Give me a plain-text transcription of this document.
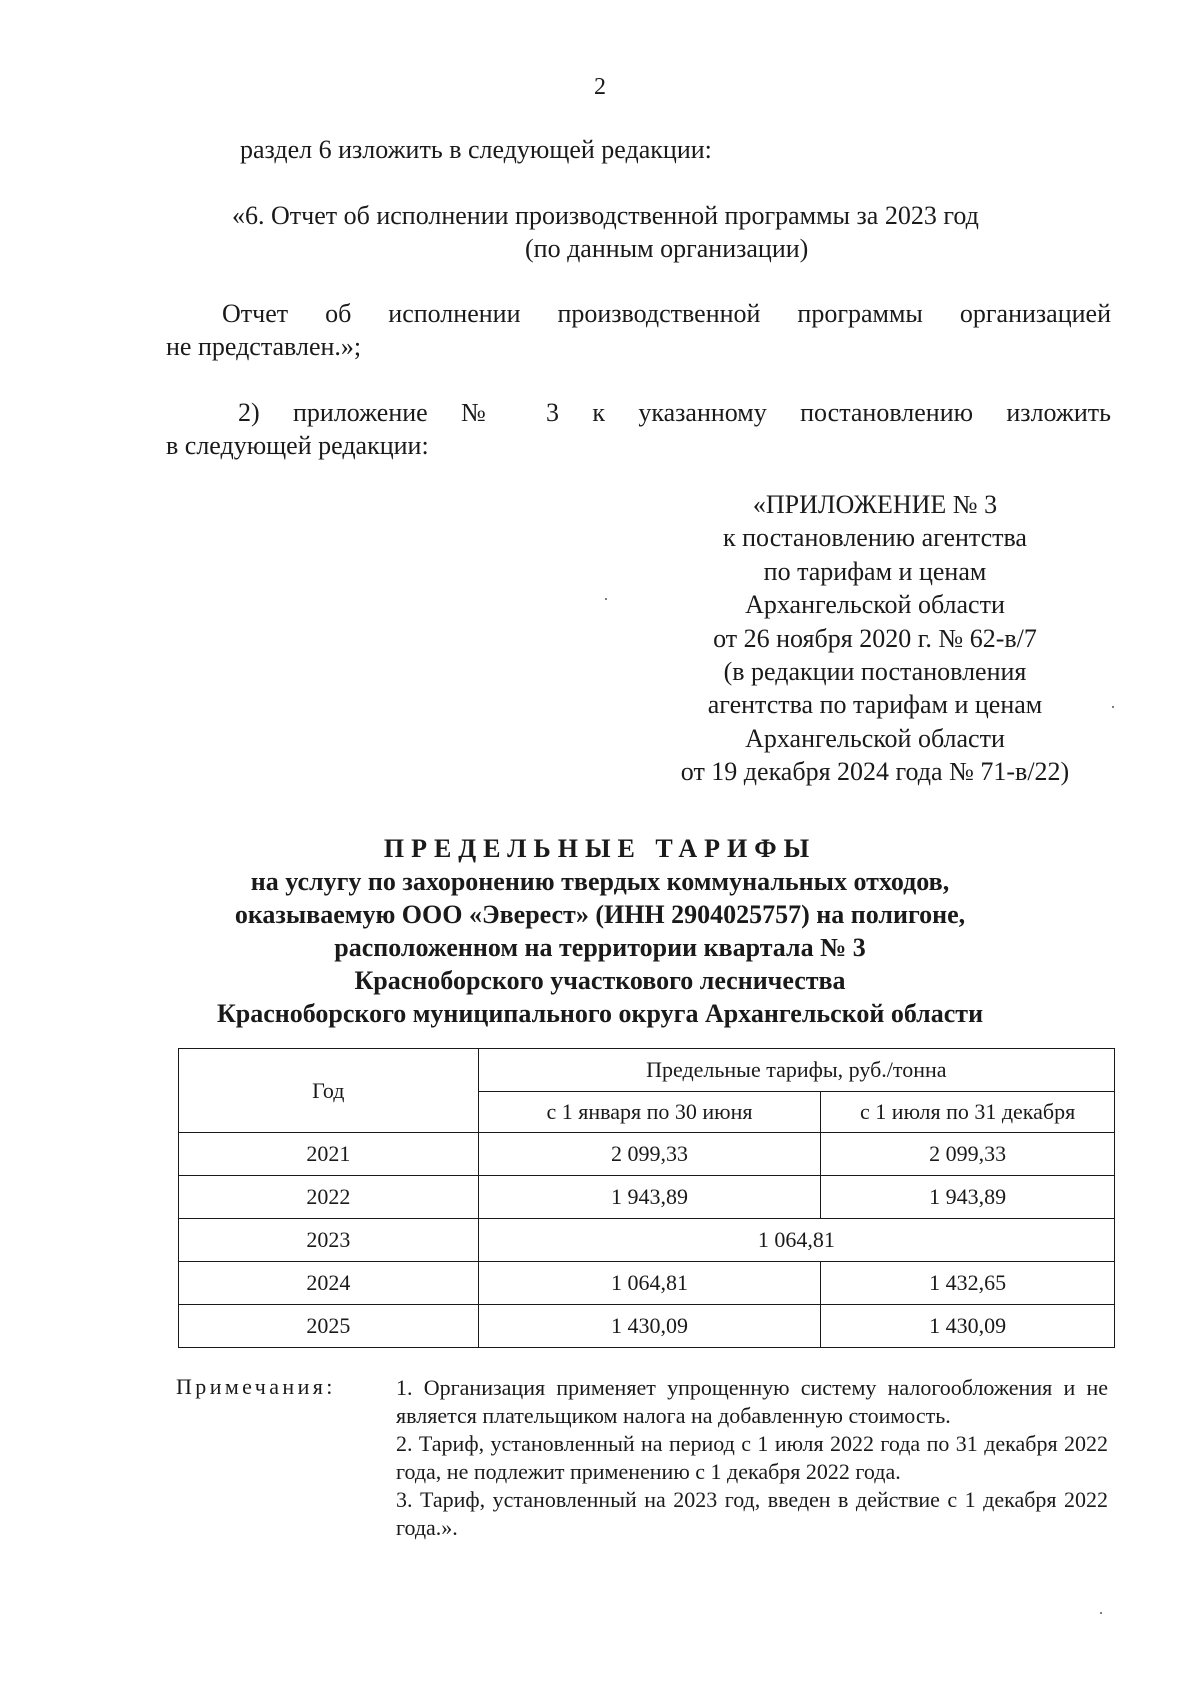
2
раздел 6 изложить в следующей редакции:
«6. Отчет об исполнении производственной программы за 2023 год
(по данным организации)
Отчет об исполнении производственной программы организацией
не представлен.»;
2) приложение № 3 к указанному постановлению изложить
в следующей редакции:
«ПРИЛОЖЕНИЕ № 3
к постановлению агентства
по тарифам и ценам
Архангельской области
от 26 ноября 2020 г. № 62-в/7
(в редакции постановления
агентства по тарифам и ценам
Архангельской области
от 19 декабря 2024 года № 71-в/22)
ПРЕДЕЛЬНЫЕ ТАРИФЫ
на услугу по захоронению твердых коммунальных отходов,
оказываемую ООО «Эверест» (ИНН 2904025757) на полигоне,
расположенном на территории квартала № 3
Красноборского участкового лесничества
Красноборского муниципального округа Архангельской области
Год	Предельные тарифы, руб./тонна	
	с 1 января по 30 июня	с 1 июля по 31 декабря
2021	2 099,33	2 099,33
2022	1 943,89	1 943,89
2023	1 064,81	
2024	1 064,81	1 432,65
2025	1 430,09	1 430,09
Примечания:	1. Организация применяет упрощенную систему налогообложения и не является плательщиком налога на добавленную стоимость.
2. Тариф, установленный на период с 1 июля 2022 года по 31 декабря 2022 года, не подлежит применению с 1 декабря 2022 года.
3. Тариф, установленный на 2023 год, введен в действие с 1 декабря 2022 года.».
